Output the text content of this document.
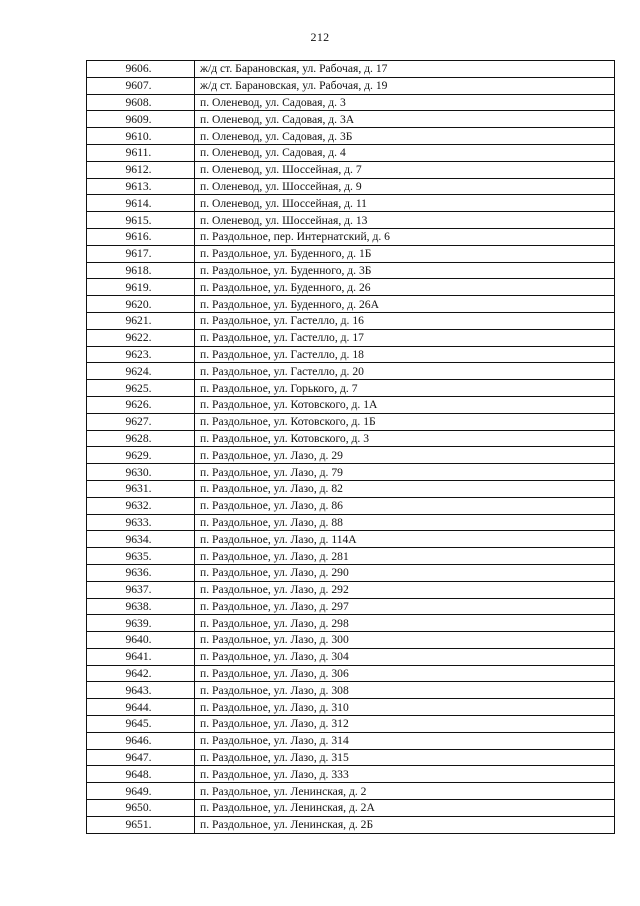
212
9606.	ж/д ст. Барановская, ул. Рабочая, д. 17
9607.	ж/д ст. Барановская, ул. Рабочая, д. 19
9608.	п. Оленевод, ул. Садовая, д. 3
9609.	п. Оленевод, ул. Садовая, д. 3А
9610.	п. Оленевод, ул. Садовая, д. 3Б
9611.	п. Оленевод, ул. Садовая, д. 4
9612.	п. Оленевод, ул. Шоссейная, д. 7
9613.	п. Оленевод, ул. Шоссейная, д. 9
9614.	п. Оленевод, ул. Шоссейная, д. 11
9615.	п. Оленевод, ул. Шоссейная, д. 13
9616.	п. Раздольное, пер. Интернатский, д. 6
9617.	п. Раздольное, ул. Буденного, д. 1Б
9618.	п. Раздольное, ул. Буденного, д. 3Б
9619.	п. Раздольное, ул. Буденного, д. 26
9620.	п. Раздольное, ул. Буденного, д. 26А
9621.	п. Раздольное, ул. Гастелло, д. 16
9622.	п. Раздольное, ул. Гастелло, д. 17
9623.	п. Раздольное, ул. Гастелло, д. 18
9624.	п. Раздольное, ул. Гастелло, д. 20
9625.	п. Раздольное, ул. Горького, д. 7
9626.	п. Раздольное, ул. Котовского, д. 1А
9627.	п. Раздольное, ул. Котовского, д. 1Б
9628.	п. Раздольное, ул. Котовского, д. 3
9629.	п. Раздольное, ул. Лазо, д. 29
9630.	п. Раздольное, ул. Лазо, д. 79
9631.	п. Раздольное, ул. Лазо, д. 82
9632.	п. Раздольное, ул. Лазо, д. 86
9633.	п. Раздольное, ул. Лазо, д. 88
9634.	п. Раздольное, ул. Лазо, д. 114А
9635.	п. Раздольное, ул. Лазо, д. 281
9636.	п. Раздольное, ул. Лазо, д. 290
9637.	п. Раздольное, ул. Лазо, д. 292
9638.	п. Раздольное, ул. Лазо, д. 297
9639.	п. Раздольное, ул. Лазо, д. 298
9640.	п. Раздольное, ул. Лазо, д. 300
9641.	п. Раздольное, ул. Лазо, д. 304
9642.	п. Раздольное, ул. Лазо, д. 306
9643.	п. Раздольное, ул. Лазо, д. 308
9644.	п. Раздольное, ул. Лазо, д. 310
9645.	п. Раздольное, ул. Лазо, д. 312
9646.	п. Раздольное, ул. Лазо, д. 314
9647.	п. Раздольное, ул. Лазо, д. 315
9648.	п. Раздольное, ул. Лазо, д. 333
9649.	п. Раздольное, ул. Ленинская, д. 2
9650.	п. Раздольное, ул. Ленинская, д. 2А
9651.	п. Раздольное, ул. Ленинская, д. 2Б
